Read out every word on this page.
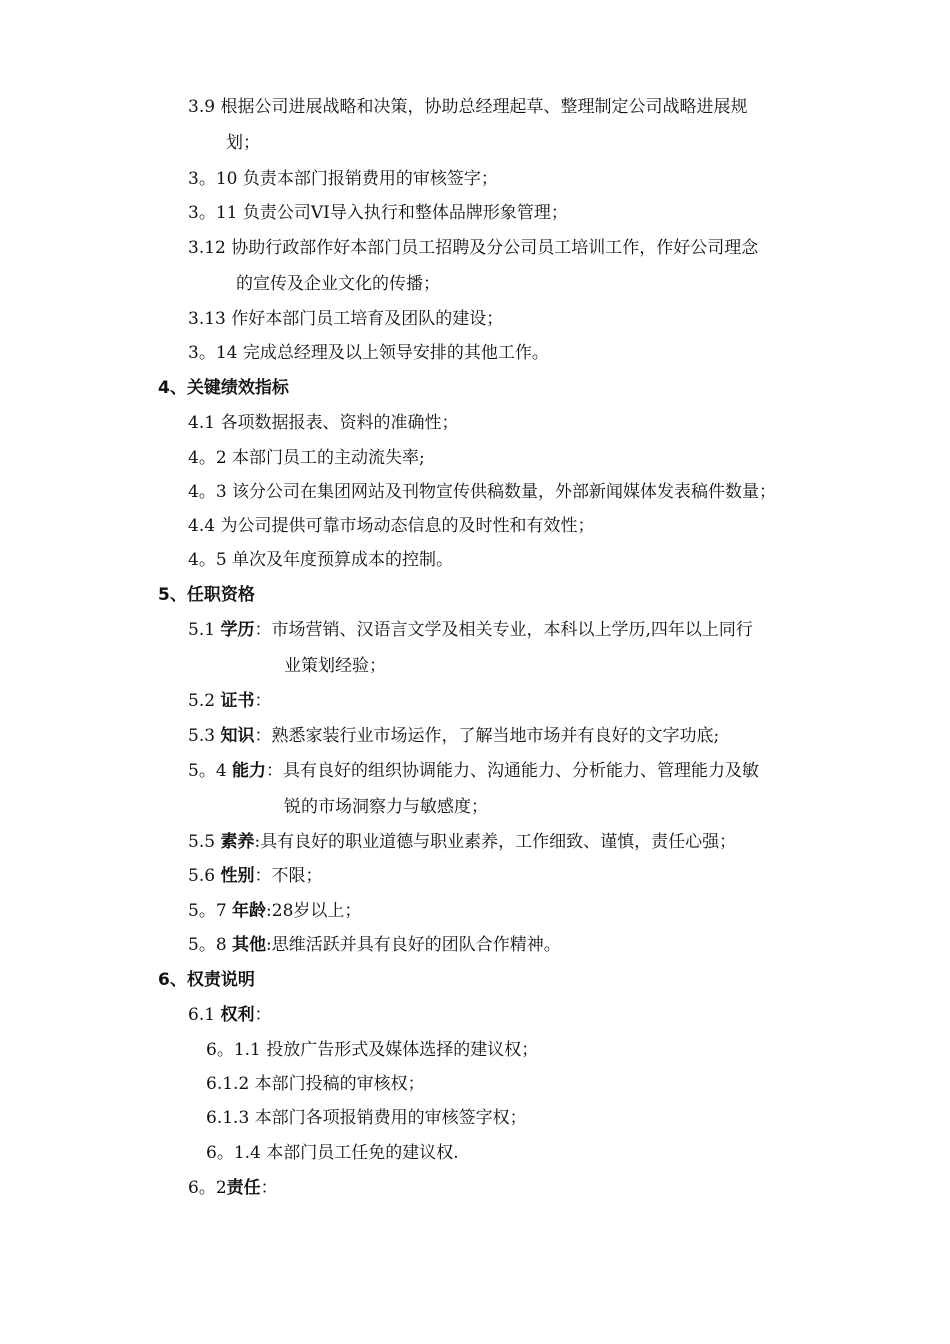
3.9 根据公司进展战略和决策，协助总经理起草、整理制定公司战略进展规
划；
3。10 负责本部门报销费用的审核签字；
3。11 负责公司VI导入执行和整体品牌形象管理；
3.12 协助行政部作好本部门员工招聘及分公司员工培训工作，作好公司理念
的宣传及企业文化的传播；
3.13 作好本部门员工培育及团队的建设；
3。14 完成总经理及以上领导安排的其他工作。
4、关键绩效指标
4.1 各项数据报表、资料的准确性；
4。2 本部门员工的主动流失率;
4。3 该分公司在集团网站及刊物宣传供稿数量，外部新闻媒体发表稿件数量；
4.4 为公司提供可靠市场动态信息的及时性和有效性；
4。5 单次及年度预算成本的控制。
5、任职资格
5.1 学历：市场营销、汉语言文学及相关专业，本科以上学历,四年以上同行
业策划经验；
5.2 证书：
5.3 知识：熟悉家装行业市场运作，了解当地市场并有良好的文字功底;
5。4 能力：具有良好的组织协调能力、沟通能力、分析能力、管理能力及敏
锐的市场洞察力与敏感度；
5.5 素养:具有良好的职业道德与职业素养，工作细致、谨慎，责任心强；
5.6 性别：不限；
5。7 年龄:28岁以上；
5。8 其他:思维活跃并具有良好的团队合作精神。
6、权责说明
6.1 权利：
6。1.1 投放广告形式及媒体选择的建议权；
6.1.2 本部门投稿的审核权；
6.1.3 本部门各项报销费用的审核签字权；
6。1.4 本部门员工任免的建议权.
6。2责任：
